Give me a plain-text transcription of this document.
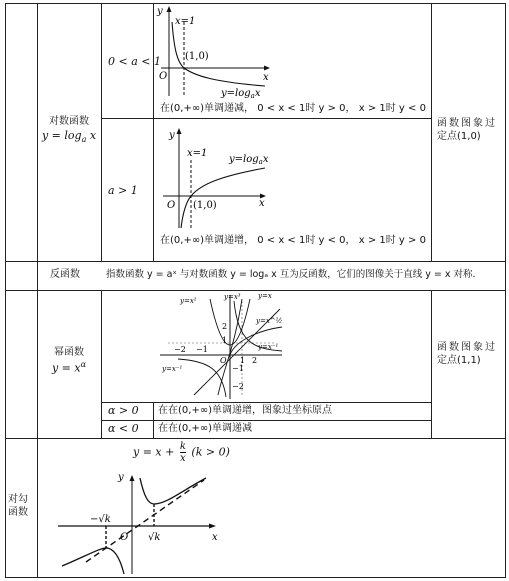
对数函数
$y = \log_a x$
0 < a < 1
y
x
x=1
(1,0)
O
$y=\log_ax$
在(0,+∞)单调递减， 0 < x < 1时 y > 0， x > 1时 y < 0
a > 1
y
x
x=1
(1,0)
O
$y=\log_ax$
在(0,+∞)单调递增， 0 < x < 1时 y < 0， x > 1时 y > 0
函数图象过
定点(1,0)
反函数	指数函数 y = aˣ 与对数函数 y = logₐ x 互为反函数，它们的图像关于直线 y = x 对称.
幂函数
$y = x^\alpha$
y=x²	y=x³ y=x
y=x^½
y=x⁻¹
y=x⁻¹
2
1
−2 −1
O 1 2
−1
−2
α > 0 在在(0,+∞)单调递增，图象过坐标原点
α < 0 在在(0,+∞)单调递减
函数图象过
定点(1,1)
对勾
函数
$y = x + \frac{k}{x} (k > 0)$
y
x
O
−√k
√k
